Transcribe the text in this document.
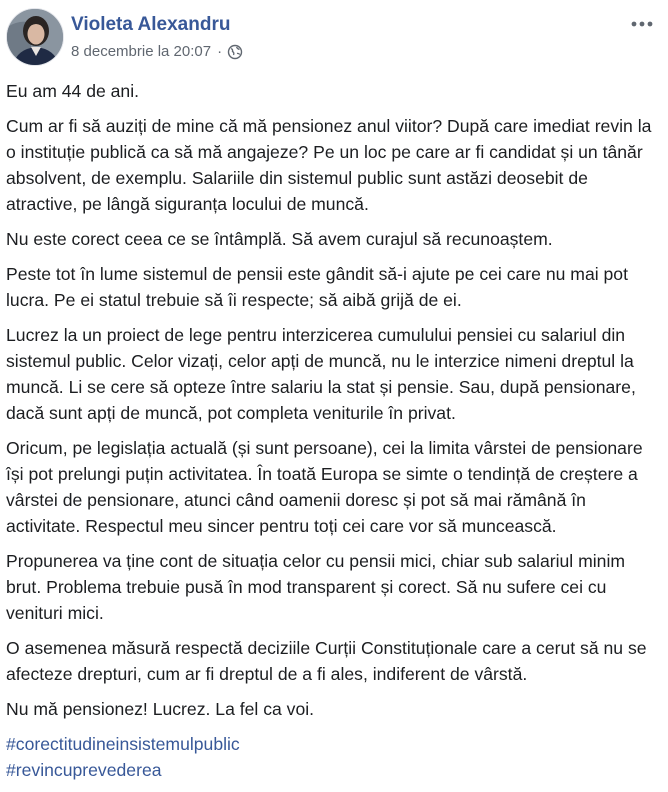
Violeta Alexandru
8 decembrie la 20:07 ·

Eu am 44 de ani.

Cum ar fi să auziți de mine că mă pensionez anul viitor? După care imediat revin la o instituție publică ca să mă angajeze? Pe un loc pe care ar fi candidat și un tânăr absolvent, de exemplu. Salariile din sistemul public sunt astăzi deosebit de atractive, pe lângă siguranța locului de muncă.

Nu este corect ceea ce se întâmplă. Să avem curajul să recunoaștem.

Peste tot în lume sistemul de pensii este gândit să-i ajute pe cei care nu mai pot lucra. Pe ei statul trebuie să îi respecte; să aibă grijă de ei.

Lucrez la un proiect de lege pentru interzicerea cumulului pensiei cu salariul din sistemul public. Celor vizați, celor apți de muncă, nu le interzice nimeni dreptul la muncă. Li se cere să opteze între salariu la stat și pensie. Sau, după pensionare, dacă sunt apți de muncă, pot completa veniturile în privat.

Oricum, pe legislația actuală (și sunt persoane), cei la limita vârstei de pensionare își pot prelungi puțin activitatea. În toată Europa se simte o tendință de creștere a vârstei de pensionare, atunci când oamenii doresc și pot să mai rămână în activitate. Respectul meu sincer pentru toți cei care vor să muncească.

Propunerea va ține cont de situația celor cu pensii mici, chiar sub salariul minim brut. Problema trebuie pusă în mod transparent și corect. Să nu sufere cei cu venituri mici.

O asemenea măsură respectă deciziile Curții Constituționale care a cerut să nu se afecteze drepturi, cum ar fi dreptul de a fi ales, indiferent de vârstă.

Nu mă pensionez! Lucrez. La fel ca voi.

#corectitudineinsistemulpublic
#revincuprevederea
